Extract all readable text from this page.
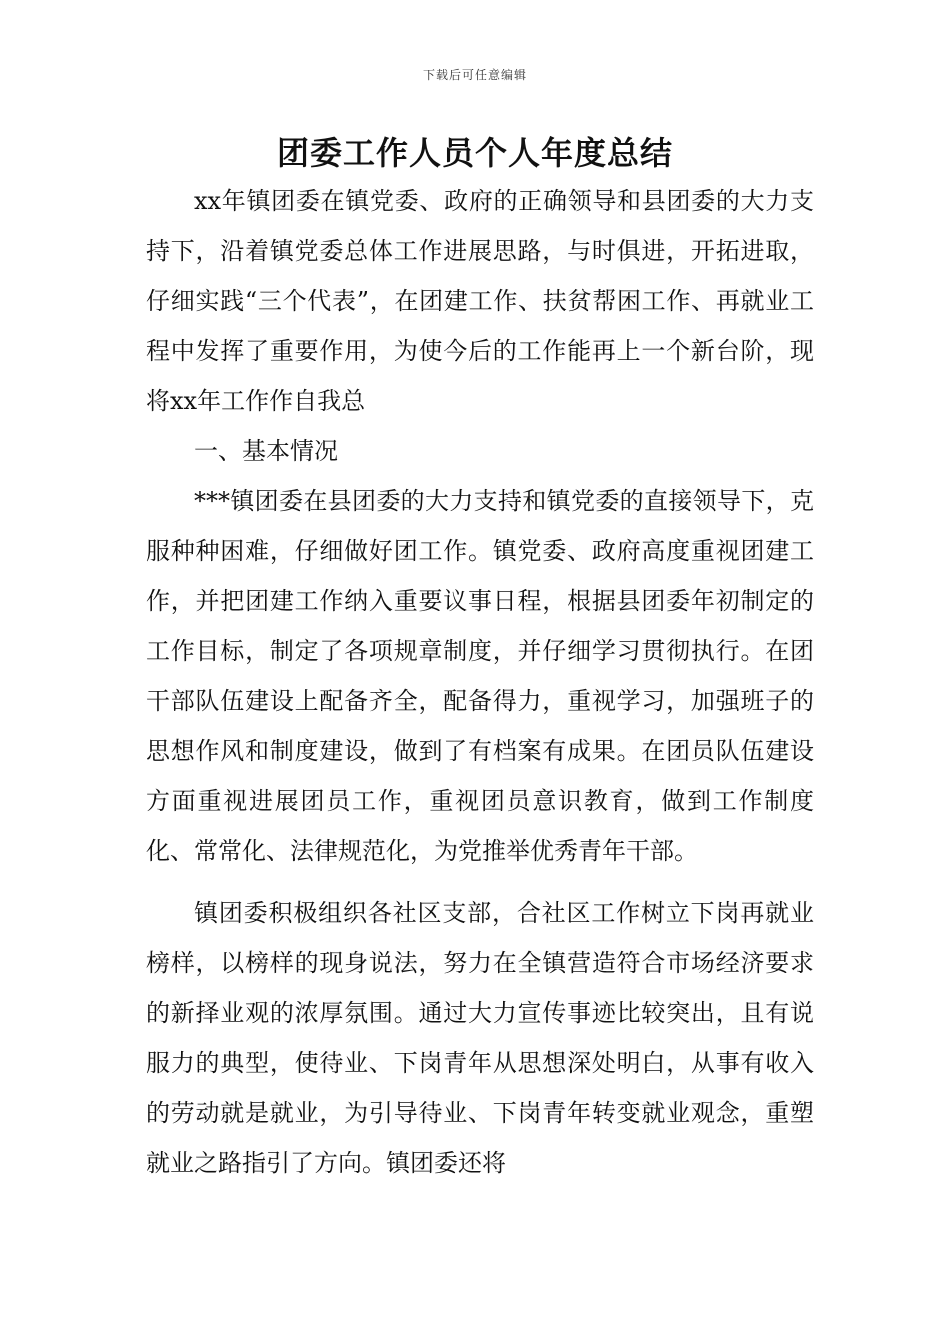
下载后可任意编辑
团委工作人员个人年度总结

xx年镇团委在镇党委、政府的正确领导和县团委的大力支持下，沿着镇党委总体工作进展思路，与时俱进，开拓进取，仔细实践“三个代表”，在团建工作、扶贫帮困工作、再就业工程中发挥了重要作用，为使今后的工作能再上一个新台阶，现将xx年工作作自我总

一、基本情况

***镇团委在县团委的大力支持和镇党委的直接领导下，克服种种困难，仔细做好团工作。镇党委、政府高度重视团建工作，并把团建工作纳入重要议事日程，根据县团委年初制定的工作目标，制定了各项规章制度，并仔细学习贯彻执行。在团干部队伍建设上配备齐全，配备得力，重视学习，加强班子的思想作风和制度建设，做到了有档案有成果。在团员队伍建设方面重视进展团员工作，重视团员意识教育，做到工作制度化、常常化、法律规范化，为党推举优秀青年干部。

镇团委积极组织各社区支部，合社区工作树立下岗再就业榜样，以榜样的现身说法，努力在全镇营造符合市场经济要求的新择业观的浓厚氛围。通过大力宣传事迹比较突出，且有说服力的典型，使待业、下岗青年从思想深处明白，从事有收入的劳动就是就业，为引导待业、下岗青年转变就业观念，重塑就业之路指引了方向。镇团委还将
